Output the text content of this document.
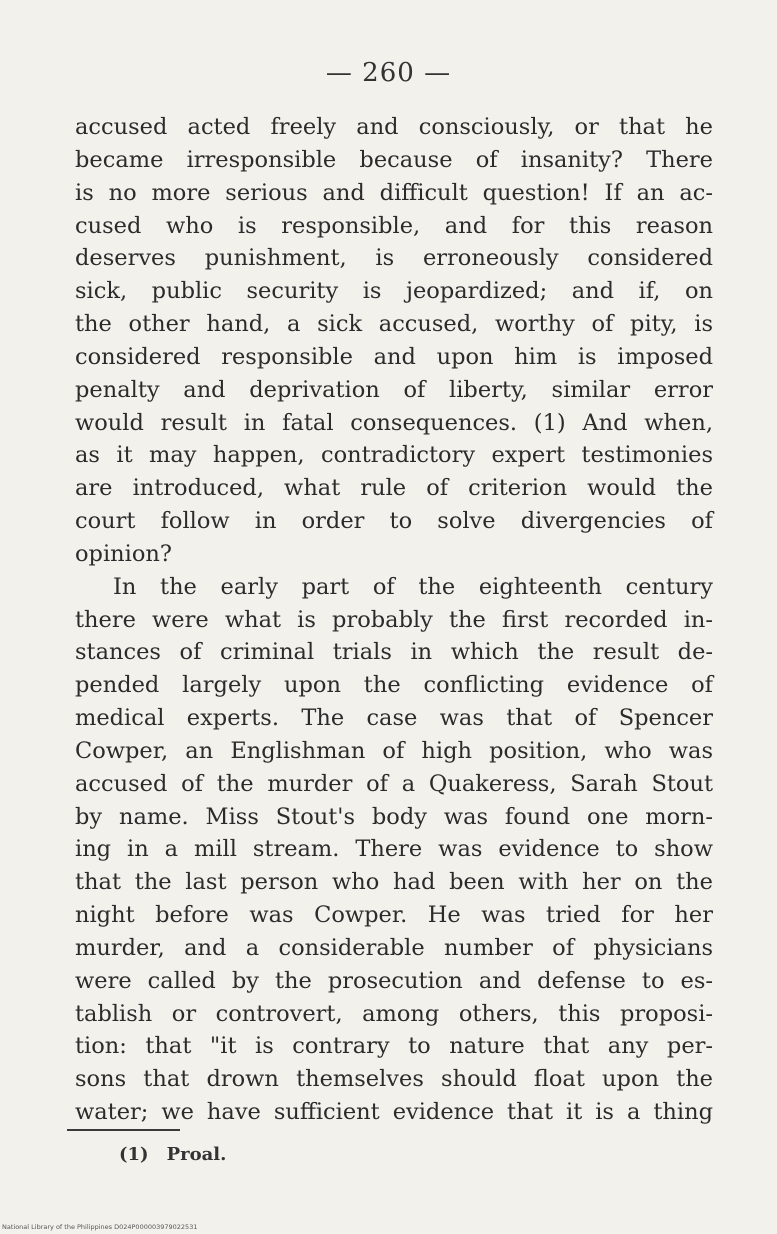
— 260 —
accused acted freely and consciously, or that he
became irresponsible because of insanity? There
is no more serious and difficult question! If an ac-
cused who is responsible, and for this reason
deserves punishment, is erroneously considered
sick, public security is jeopardized; and if, on
the other hand, a sick accused, worthy of pity, is
considered responsible and upon him is imposed
penalty and deprivation of liberty, similar error
would result in fatal consequences. (1) And when,
as it may happen, contradictory expert testimonies
are introduced, what rule of criterion would the
court follow in order to solve divergencies of
opinion?
In the early part of the eighteenth century
there were what is probably the first recorded in-
stances of criminal trials in which the result de-
pended largely upon the conflicting evidence of
medical experts. The case was that of Spencer
Cowper, an Englishman of high position, who was
accused of the murder of a Quakeress, Sarah Stout
by name. Miss Stout's body was found one morn-
ing in a mill stream. There was evidence to show
that the last person who had been with her on the
night before was Cowper. He was tried for her
murder, and a considerable number of physicians
were called by the prosecution and defense to es-
tablish or controvert, among others, this proposi-
tion: that "it is contrary to nature that any per-
sons that drown themselves should float upon the
water; we have sufficient evidence that it is a thing
(1) Proal.
National Library of the Philippines D024P000003979022531
